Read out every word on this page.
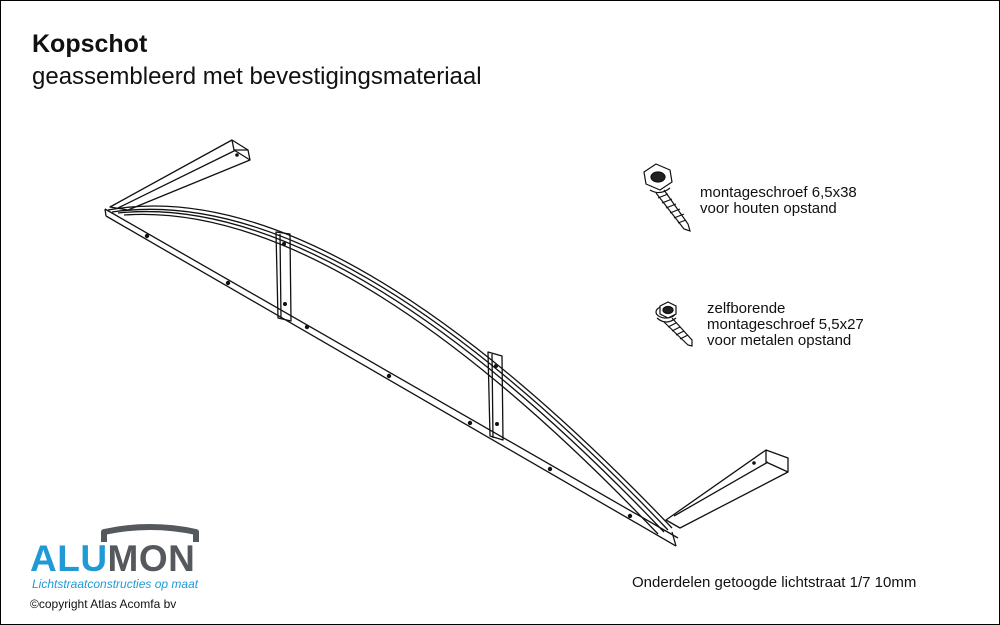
Kopschot
geassembleerd met bevestigingsmateriaal
montageschroef 6,5x38
voor houten opstand
zelfborende
montageschroef 5,5x27
voor metalen opstand
Onderdelen getoogde lichtstraat 1/7 10mm
ALUMON
Lichtstraatconstructies op maat
©copyright Atlas Acomfa bv
